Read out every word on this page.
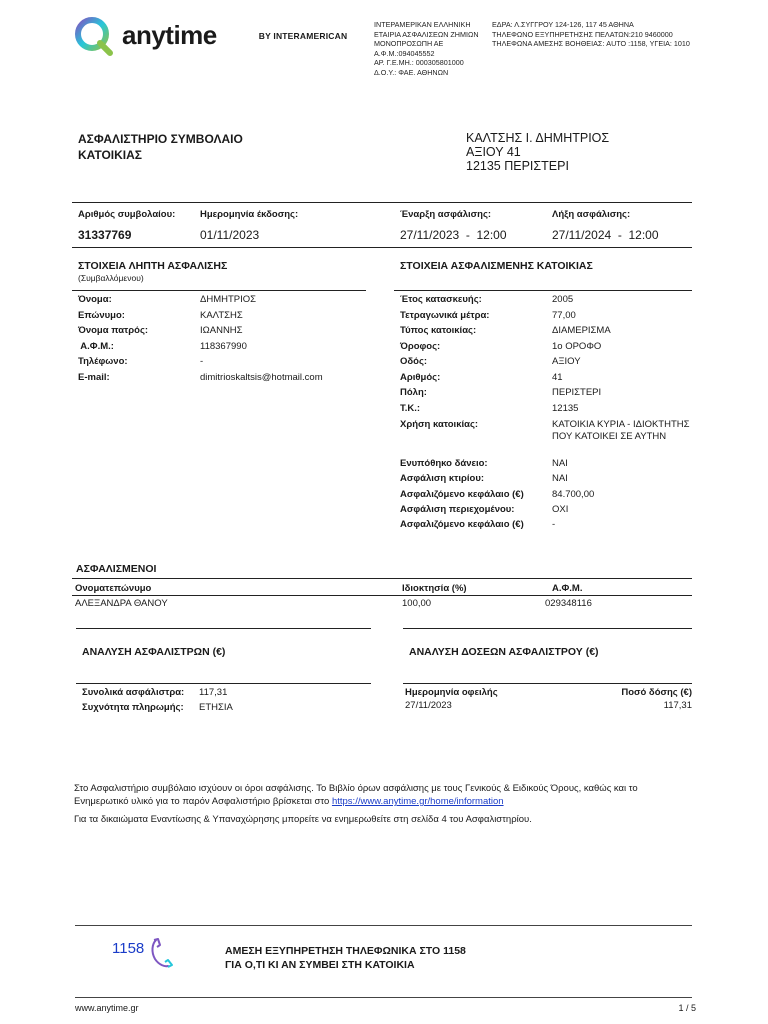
anytime	BY INTERAMERICAN
ΙΝΤΕΡΑΜΕΡΙΚΑΝ ΕΛΛΗΝΙΚΗ
ΕΤΑΙΡΙΑ ΑΣΦΑΛΙΣΕΩΝ ΖΗΜΙΩΝ
ΜΟΝΟΠΡΟΣΩΠΗ ΑΕ
Α.Φ.Μ.:094045552
ΑΡ. Γ.Ε.ΜΗ.: 000305801000
Δ.Ο.Υ.: ΦΑΕ. ΑΘΗΝΩΝ
ΕΔΡΑ: Λ.ΣΥΓΓΡΟΥ 124-126, 117 45 ΑΘΗΝΑ
ΤΗΛΕΦΩΝΟ ΕΞΥΠΗΡΕΤΗΣΗΣ ΠΕΛΑΤΩΝ:210 9460000
ΤΗΛΕΦΩΝΑ ΑΜΕΣΗΣ ΒΟΗΘΕΙΑΣ: AUTO :1158, ΥΓΕΙΑ: 1010
ΑΣΦΑΛΙΣΤΗΡΙΟ ΣΥΜΒΟΛΑΙΟ
ΚΑΤΟΙΚΙΑΣ
ΚΑΛΤΣΗΣ Ι. ΔΗΜΗΤΡΙΟΣ
ΑΞΙΟΥ 41
12135 ΠΕΡΙΣΤΕΡΙ
Αριθμός συμβολαίου:	Ημερομηνία έκδοσης:	Έναρξη ασφάλισης:	Λήξη ασφάλισης:
31337769	01/11/2023	27/11/2023  -  12:00	27/11/2024  -  12:00
ΣΤΟΙΧΕΙΑ ΛΗΠΤΗ ΑΣΦΑΛΙΣΗΣ
(Συμβαλλόμενου)
Όνομα:	ΔΗΜΗΤΡΙΟΣ
Επώνυμο:	ΚΑΛΤΣΗΣ
Όνομα πατρός:	ΙΩΑΝΝΗΣ
Α.Φ.Μ.:	118367990
Τηλέφωνο:	-
E-mail:	dimitrioskaltsis@hotmail.com
ΣΤΟΙΧΕΙΑ ΑΣΦΑΛΙΣΜΕΝΗΣ ΚΑΤΟΙΚΙΑΣ
Έτος κατασκευής:	2005
Τετραγωνικά μέτρα:	77,00
Τύπος κατοικίας:	ΔΙΑΜΕΡΙΣΜΑ
Όροφος:	1ο ΟΡΟΦΟ
Οδός:	ΑΞΙΟΥ
Αριθμός:	41
Πόλη:	ΠΕΡΙΣΤΕΡΙ
Τ.Κ.:	12135
Χρήση κατοικίας:	ΚΑΤΟΙΚΙΑ ΚΥΡΙΑ - ΙΔΙΟΚΤΗΤΗΣ ΠΟΥ ΚΑΤΟΙΚΕΙ ΣΕ ΑΥΤΗΝ
Ενυπόθηκο δάνειο:	ΝΑΙ
Ασφάλιση κτιρίου:	ΝΑΙ
Ασφαλιζόμενο κεφάλαιο (€)	84.700,00
Ασφάλιση περιεχομένου:	ΟΧΙ
Ασφαλιζόμενο κεφάλαιο (€)	-
ΑΣΦΑΛΙΣΜΕΝΟΙ
Ονοματεπώνυμο	Ιδιοκτησία (%)	Α.Φ.Μ.
ΑΛΕΞΑΝΔΡΑ ΘΑΝΟΥ	100,00	029348116
ΑΝΑΛΥΣΗ ΑΣΦΑΛΙΣΤΡΩΝ (€)
Συνολικά ασφάλιστρα: 117,31
Συχνότητα πληρωμής: ΕΤΗΣΙΑ
ΑΝΑΛΥΣΗ ΔΟΣΕΩΝ ΑΣΦΑΛΙΣΤΡΟΥ (€)
Ημερομηνία οφειλής	Ποσό δόσης (€)
27/11/2023	117,31
Στο Ασφαλιστήριο συμβόλαιο ισχύουν οι όροι ασφάλισης. Το Βιβλίο όρων ασφάλισης με τους Γενικούς & Ειδικούς Όρους, καθώς και το Ενημερωτικό υλικό για το παρόν Ασφαλιστήριο βρίσκεται στο https://www.anytime.gr/home/information
Για τα δικαιώματα Εναντίωσης & Υπαναχώρησης μπορείτε να ενημερωθείτε στη σελίδα 4 του Ασφαλιστηρίου.
1158	ΑΜΕΣΗ ΕΞΥΠΗΡΕΤΗΣΗ ΤΗΛΕΦΩΝΙΚΑ ΣΤΟ 1158
ΓΙΑ Ο,ΤΙ ΚΙ ΑΝ ΣΥΜΒΕΙ ΣΤΗ ΚΑΤΟΙΚΙΑ
www.anytime.gr	1 / 5
